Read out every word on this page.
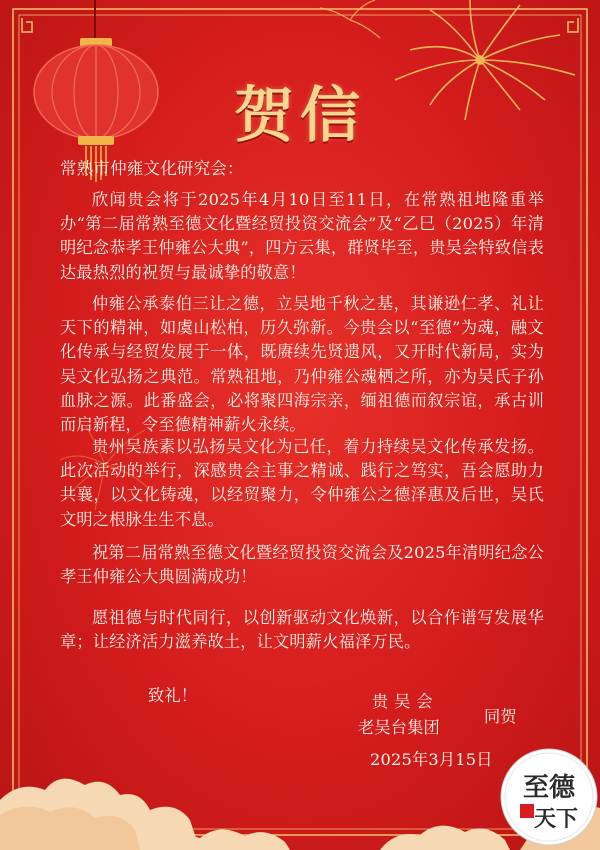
贺信
常熟市仲雍文化研究会：
欣闻贵会将于2025年4月10日至11日，在常熟祖地隆重举办“第二届常熟至德文化暨经贸投资交流会”及“乙巳（2025）年清明纪念恭孝王仲雍公大典”，四方云集，群贤毕至，贵吴会特致信表达最热烈的祝贺与最诚挚的敬意！
仲雍公承泰伯三让之德，立吴地千秋之基，其谦逊仁孝、礼让天下的精神，如虞山松柏，历久弥新。今贵会以“至德”为魂，融文化传承与经贸发展于一体，既赓续先贤遗风，又开时代新局，实为吴文化弘扬之典范。常熟祖地，乃仲雍公魂栖之所，亦为吴氏子孙血脉之源。此番盛会，必将聚四海宗亲，缅祖德而叙宗谊，承古训而启新程，令至德精神薪火永续。
贵州吴族素以弘扬吴文化为己任，着力持续吴文化传承发扬。此次活动的举行，深感贵会主事之精诚、践行之笃实，吾会愿助力共襄，以文化铸魂，以经贸聚力，令仲雍公之德泽惠及后世，吴氏文明之根脉生生不息。
祝第二届常熟至德文化暨经贸投资交流会及2025年清明纪念公孝王仲雍公大典圆满成功！
愿祖德与时代同行，以创新驱动文化焕新，以合作谱写发展华章；让经济活力滋养故土，让文明薪火福泽万民。
致礼！	贵吴会
老吴台集团
同贺
2025年3月15日
至德
天下
